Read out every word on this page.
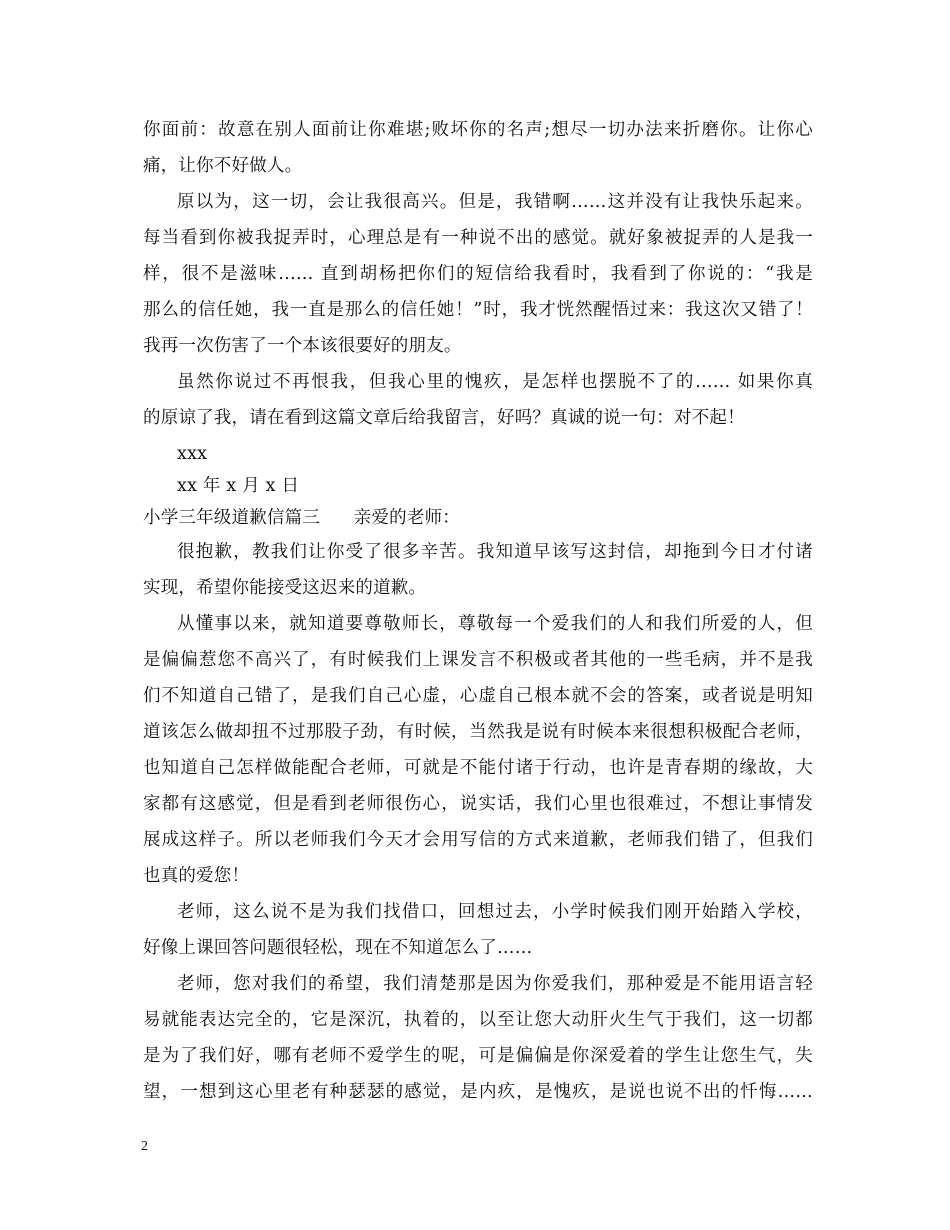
你面前：故意在别人面前让你难堪;败坏你的名声;想尽一切办法来折磨你。让你心
痛，让你不好做人。
原以为，这一切，会让我很高兴。但是，我错啊……这并没有让我快乐起来。
每当看到你被我捉弄时，心理总是有一种说不出的感觉。就好象被捉弄的人是我一
样，很不是滋味…… 直到胡杨把你们的短信给我看时，我看到了你说的：“我是
那么的信任她，我一直是那么的信任她！”时，我才恍然醒悟过来：我这次又错了！
我再一次伤害了一个本该很要好的朋友。
虽然你说过不再恨我，但我心里的愧疚，是怎样也摆脱不了的…… 如果你真
的原谅了我，请在看到这篇文章后给我留言，好吗？真诚的说一句：对不起！
xxx
xx 年 x 月 x 日
小学三年级道歉信篇三 亲爱的老师：
很抱歉，教我们让你受了很多辛苦。我知道早该写这封信，却拖到今日才付诸
实现，希望你能接受这迟来的道歉。
从懂事以来，就知道要尊敬师长，尊敬每一个爱我们的人和我们所爱的人，但
是偏偏惹您不高兴了，有时候我们上课发言不积极或者其他的一些毛病，并不是我
们不知道自己错了，是我们自己心虚，心虚自己根本就不会的答案，或者说是明知
道该怎么做却扭不过那股子劲，有时候，当然我是说有时候本来很想积极配合老师，
也知道自己怎样做能配合老师，可就是不能付诸于行动，也许是青春期的缘故，大
家都有这感觉，但是看到老师很伤心，说实话，我们心里也很难过，不想让事情发
展成这样子。所以老师我们今天才会用写信的方式来道歉，老师我们错了，但我们
也真的爱您！
老师，这么说不是为我们找借口，回想过去，小学时候我们刚开始踏入学校，
好像上课回答问题很轻松，现在不知道怎么了……
老师，您对我们的希望，我们清楚那是因为你爱我们，那种爱是不能用语言轻
易就能表达完全的，它是深沉，执着的，以至让您大动肝火生气于我们，这一切都
是为了我们好，哪有老师不爱学生的呢，可是偏偏是你深爱着的学生让您生气，失
望，一想到这心里老有种瑟瑟的感觉，是内疚，是愧疚，是说也说不出的忏悔……
2
